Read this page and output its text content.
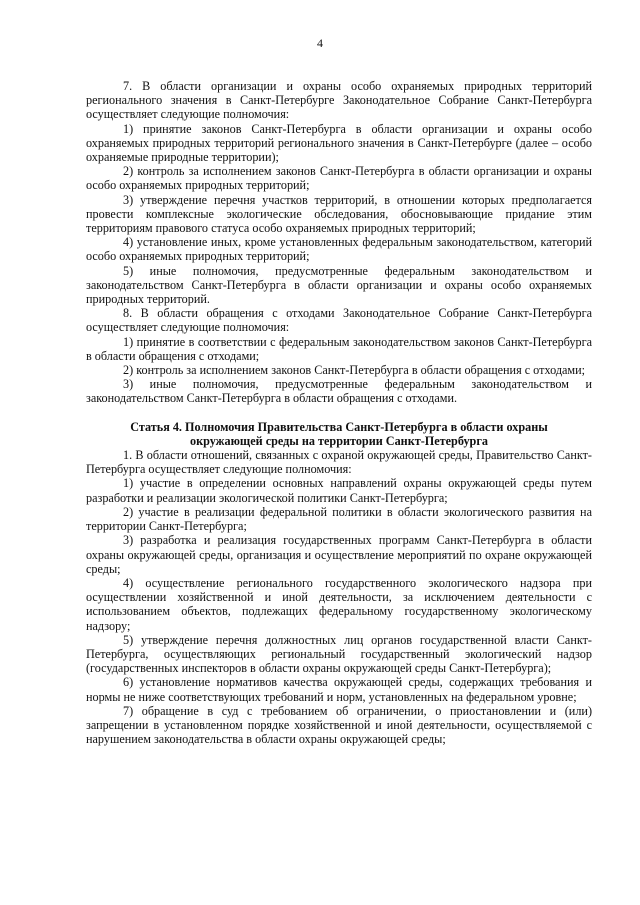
4

7. В области организации и охраны особо охраняемых природных территорий регионального значения в Санкт-Петербурге Законодательное Собрание Санкт-Петербурга осуществляет следующие полномочия:

1) принятие законов Санкт-Петербурга в области организации и охраны особо охраняемых природных территорий регионального значения в Санкт-Петербурге (далее – особо охраняемые природные территории);

2) контроль за исполнением законов Санкт-Петербурга в области организации и охраны особо охраняемых природных территорий;

3) утверждение перечня участков территорий, в отношении которых предполагается провести комплексные экологические обследования, обосновывающие придание этим территориям правового статуса особо охраняемых природных территорий;

4) установление иных, кроме установленных федеральным законодательством, категорий особо охраняемых природных территорий;

5) иные полномочия, предусмотренные федеральным законодательством и законодательством Санкт-Петербурга в области организации и охраны особо охраняемых природных территорий.

8. В области обращения с отходами Законодательное Собрание Санкт-Петербурга осуществляет следующие полномочия:

1) принятие в соответствии с федеральным законодательством законов Санкт-Петербурга в области обращения с отходами;

2) контроль за исполнением законов Санкт-Петербурга в области обращения с отходами;

3) иные полномочия, предусмотренные федеральным законодательством и законодательством Санкт-Петербурга в области обращения с отходами.

Статья 4. Полномочия Правительства Санкт-Петербурга в области охраны окружающей среды на территории Санкт-Петербурга

1. В области отношений, связанных с охраной окружающей среды, Правительство Санкт-Петербурга осуществляет следующие полномочия:

1) участие в определении основных направлений охраны окружающей среды путем разработки и реализации экологической политики Санкт-Петербурга;

2) участие в реализации федеральной политики в области экологического развития на территории Санкт-Петербурга;

3) разработка и реализация государственных программ Санкт-Петербурга в области охраны окружающей среды, организация и осуществление мероприятий по охране окружающей среды;

4) осуществление регионального государственного экологического надзора при осуществлении хозяйственной и иной деятельности, за исключением деятельности с использованием объектов, подлежащих федеральному государственному экологическому надзору;

5) утверждение перечня должностных лиц органов государственной власти Санкт-Петербурга, осуществляющих региональный государственный экологический надзор (государственных инспекторов в области охраны окружающей среды Санкт-Петербурга);

6) установление нормативов качества окружающей среды, содержащих требования и нормы не ниже соответствующих требований и норм, установленных на федеральном уровне;

7) обращение в суд с требованием об ограничении, о приостановлении и (или) запрещении в установленном порядке хозяйственной и иной деятельности, осуществляемой с нарушением законодательства в области охраны окружающей среды;
